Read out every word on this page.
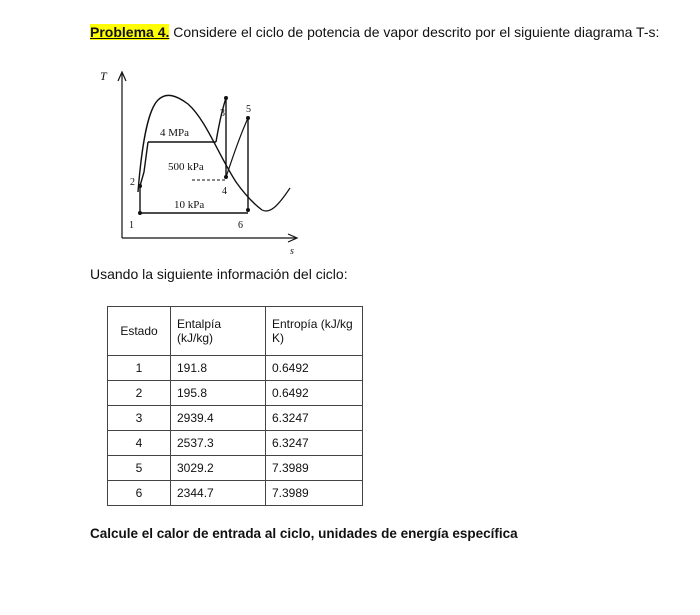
Problema 4. Considere el ciclo de potencia de vapor descrito por el siguiente diagrama T-s:
T
s
1
2
3
4
5
6
4 MPa
500 kPa
10 kPa
Usando la siguiente información del ciclo:
Estado	Entalpía (kJ/kg)	Entropía (kJ/kg K)
1	191.8	0.6492
2	195.8	0.6492
3	2939.4	6.3247
4	2537.3	6.3247
5	3029.2	7.3989
6	2344.7	7.3989
Calcule el calor de entrada al ciclo, unidades de energía específica
